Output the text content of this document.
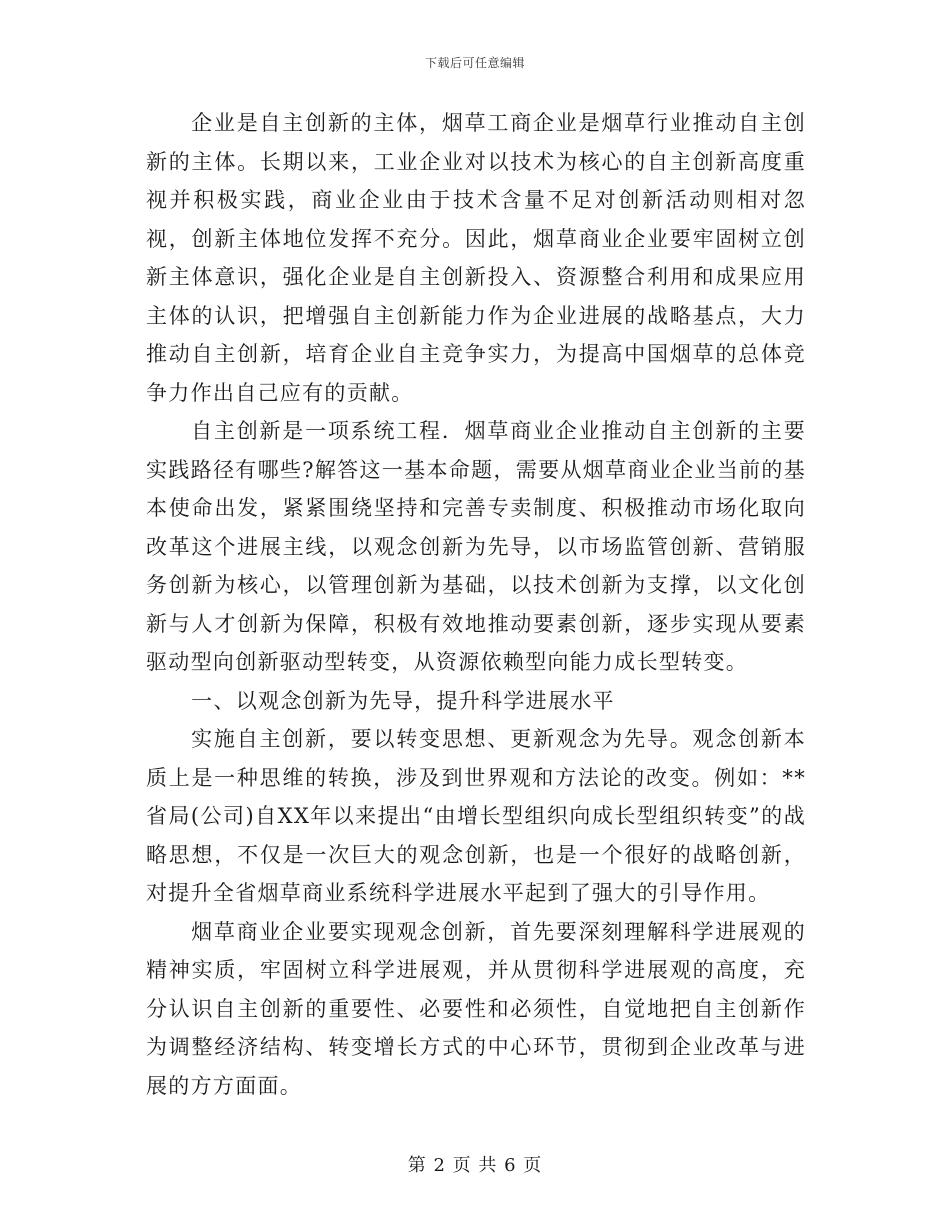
下载后可任意编辑

企业是自主创新的主体，烟草工商企业是烟草行业推动自主创新的主体。长期以来，工业企业对以技术为核心的自主创新高度重视并积极实践，商业企业由于技术含量不足对创新活动则相对忽视，创新主体地位发挥不充分。因此，烟草商业企业要牢固树立创新主体意识，强化企业是自主创新投入、资源整合利用和成果应用主体的认识，把增强自主创新能力作为企业进展的战略基点，大力推动自主创新，培育企业自主竞争实力，为提高中国烟草的总体竞争力作出自己应有的贡献。

自主创新是一项系统工程．烟草商业企业推动自主创新的主要实践路径有哪些?解答这一基本命题，需要从烟草商业企业当前的基本使命出发，紧紧围绕坚持和完善专卖制度、积极推动市场化取向改革这个进展主线，以观念创新为先导，以市场监管创新、营销服务创新为核心，以管理创新为基础，以技术创新为支撑，以文化创新与人才创新为保障，积极有效地推动要素创新，逐步实现从要素驱动型向创新驱动型转变，从资源依赖型向能力成长型转变。

一、以观念创新为先导，提升科学进展水平

实施自主创新，要以转变思想、更新观念为先导。观念创新本质上是一种思维的转换，涉及到世界观和方法论的改变。例如：**省局(公司)自XX年以来提出“由增长型组织向成长型组织转变”的战略思想，不仅是一次巨大的观念创新，也是一个很好的战略创新，对提升全省烟草商业系统科学进展水平起到了强大的引导作用。

烟草商业企业要实现观念创新，首先要深刻理解科学进展观的精神实质，牢固树立科学进展观，并从贯彻科学进展观的高度，充分认识自主创新的重要性、必要性和必须性，自觉地把自主创新作为调整经济结构、转变增长方式的中心环节，贯彻到企业改革与进展的方方面面。

第 2 页 共 6 页
